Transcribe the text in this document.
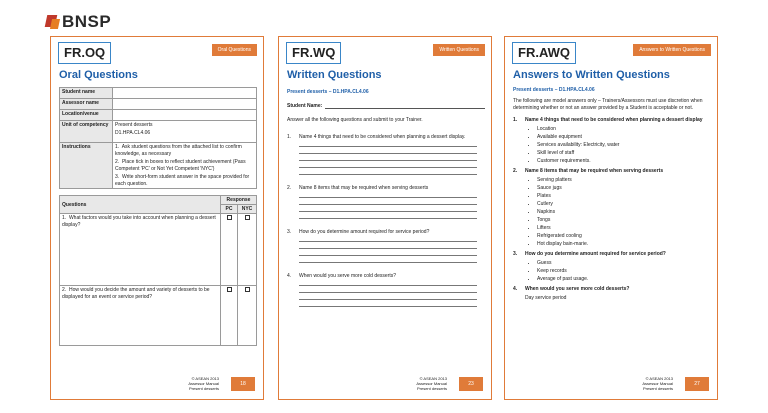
BNSP
FR.OQ	Oral Questions
Oral Questions
Student name	
Assessor name	
Location/venue	
Unit of competency	Present desserts
D1.HPA.CL4.06

Instructions	1.  Ask student questions from the attached list to confirm knowledge, as necessary
2.  Place tick in boxes to reflect student achievement (Pass Competent 'PC' or Not Yet Competent 'NYC')
3.  Write short-form student answer in the space provided for each question.
Questions	Response	
	PC	NYC
1.  What factors would you take into account when planning a dessert display?		
2.  How would you decide the amount and variety of desserts to be displayed for an event or service period?		
© ASEAN 2013
Assessor Manual
Present desserts
18
FR.WQ	Written Questions
Written Questions
Present desserts – D1.HPA.CL4.06
Student Name:
Answer all the following questions and submit to your Trainer.
1.	Name 4 things that need to be considered when planning a dessert display.
2.	Name 8 items that may be required when serving desserts
3.	How do you determine amount required for service period?
4.	When would you serve more cold desserts?
© ASEAN 2013
Assessor Manual
Present desserts
23
FR.AWQ	Answers to Written Questions
Answers to Written Questions
Present desserts – D1.HPA.CL4.06
The following are model answers only – Trainers/Assessors must use discretion when determining whether or not an answer provided by a Student is acceptable or not.
1.	Name 4 things that need to be considered when planning a dessert display
• Location
• Available equipment
• Services availability: Electricity, water
• Skill level of staff
• Customer requirements.
2.	Name 8 items that may be required when serving desserts
• Serving platters
• Sauce jugs
• Plates
• Cutlery
• Napkins
• Tongs
• Lifters
• Refrigerated cooling
• Hot display bain-marie.
3.	How do you determine amount required for service period?
• Guess
• Keep records
• Average of past usage.
4.	When would you serve more cold desserts?
Day service period
© ASEAN 2013
Assessor Manual
Present desserts
27
